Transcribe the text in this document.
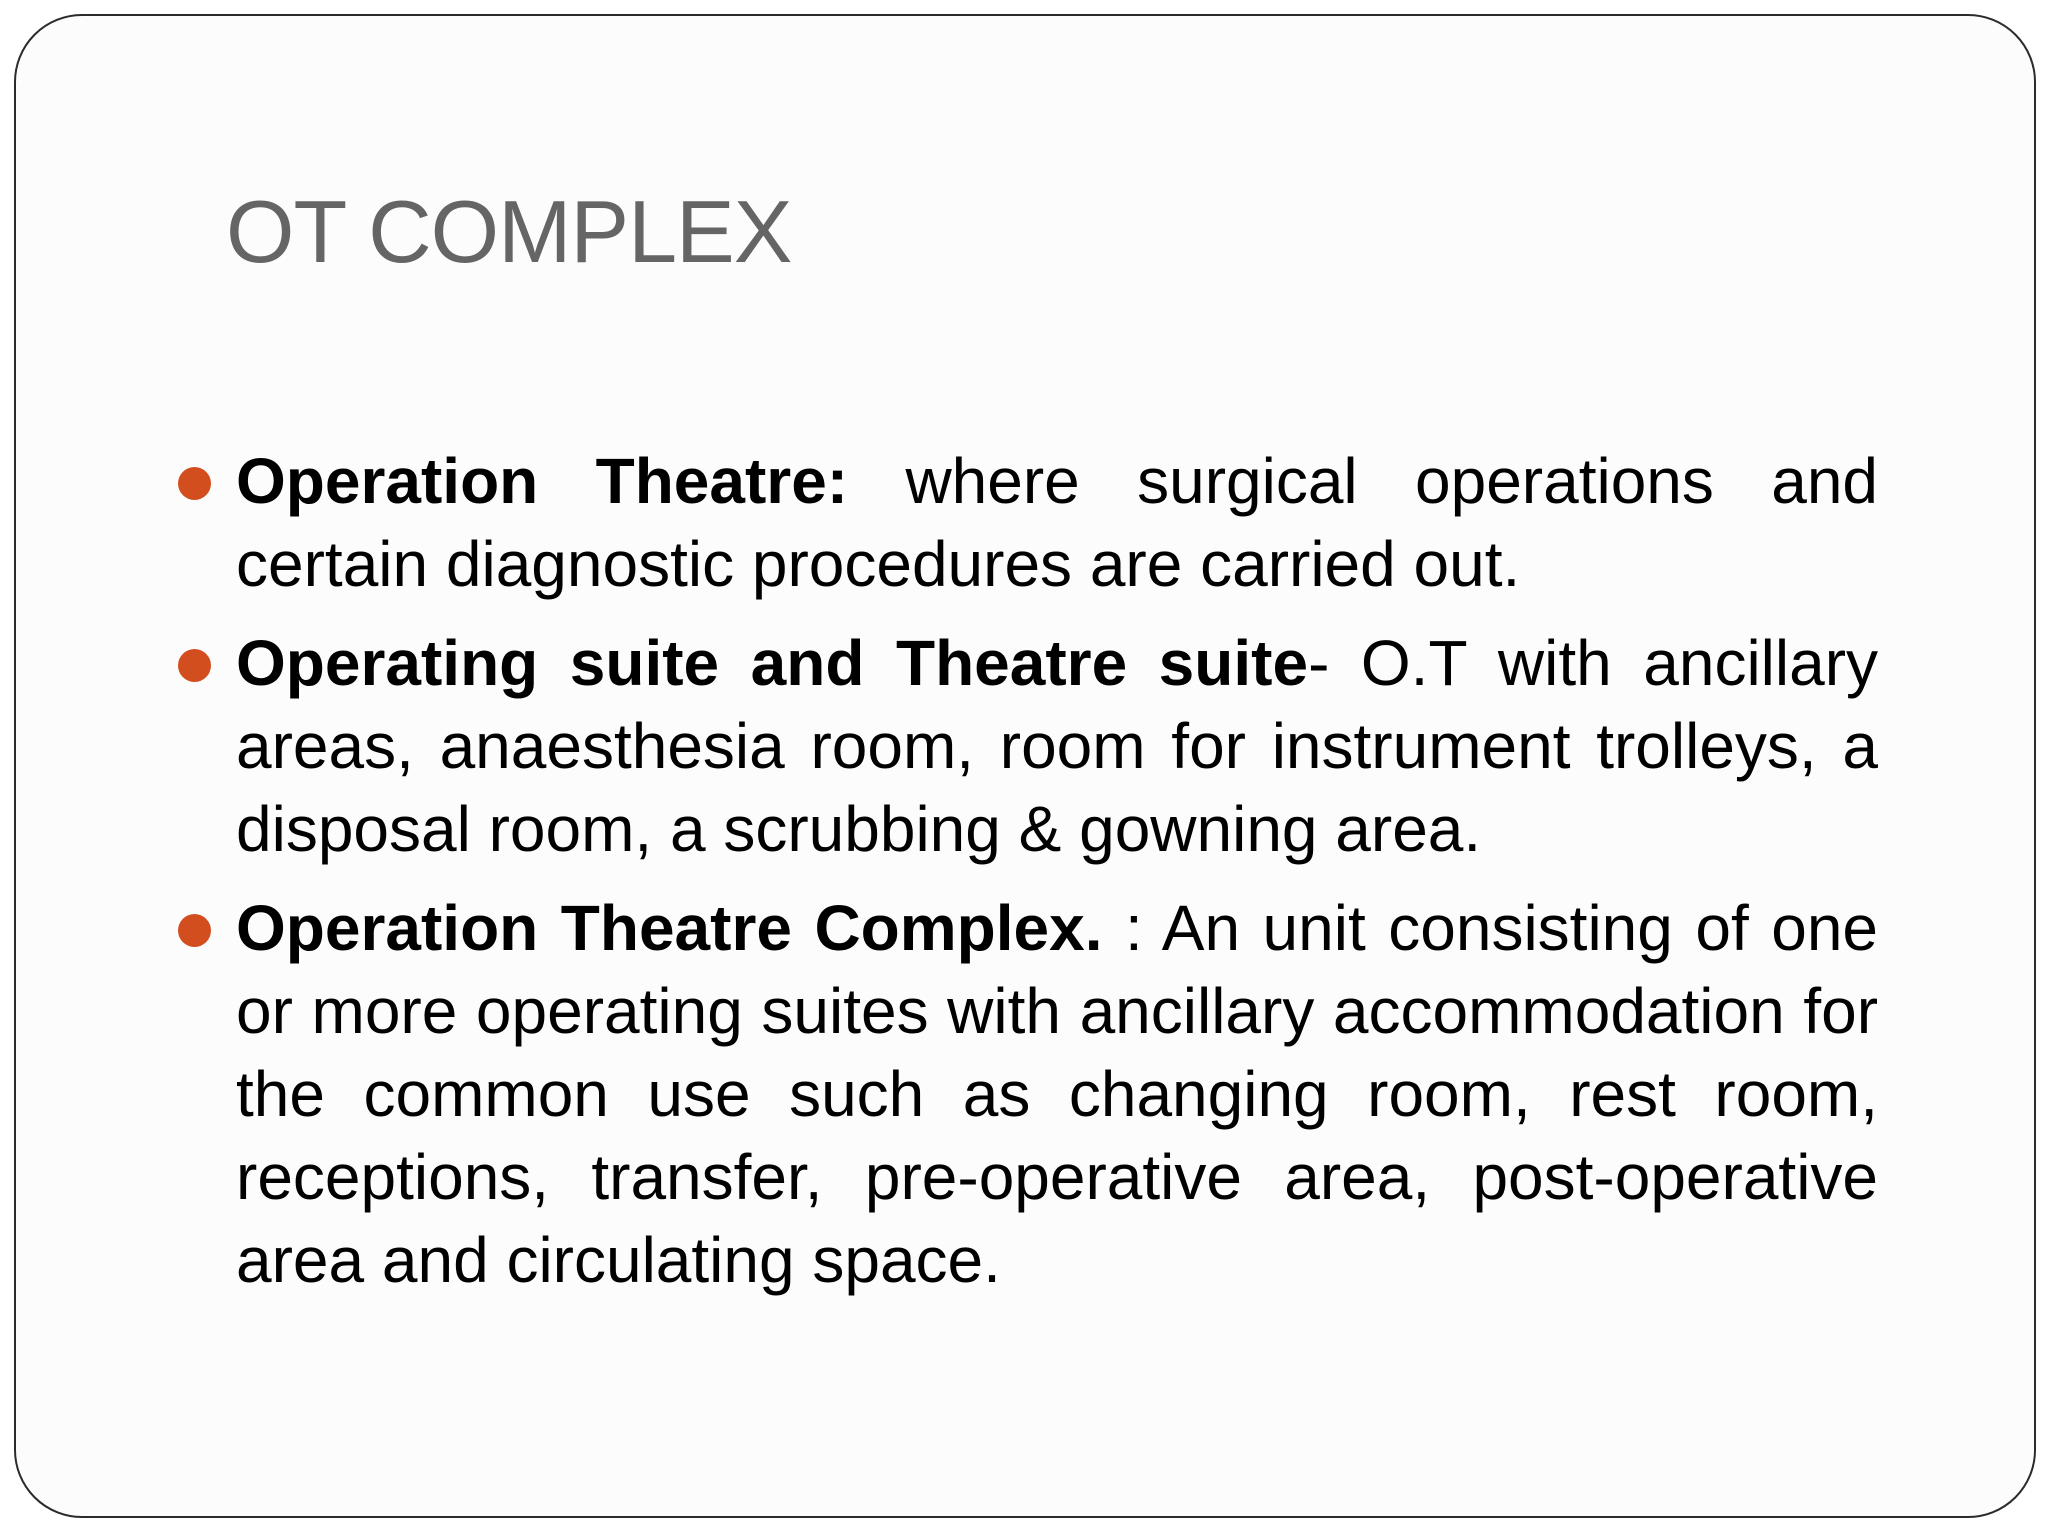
OT COMPLEX
Operation Theatre: where surgical operations and certain diagnostic procedures are carried out.
Operating suite and Theatre suite- O.T with ancillary areas, anaesthesia room, room for instrument trolleys, a disposal room, a scrubbing & gowning area.
Operation Theatre Complex. : An unit consisting of one or more operating suites with ancillary accommodation for the common use such as changing room, rest room, receptions, transfer, pre-operative area, post-operative area and circulating space.
